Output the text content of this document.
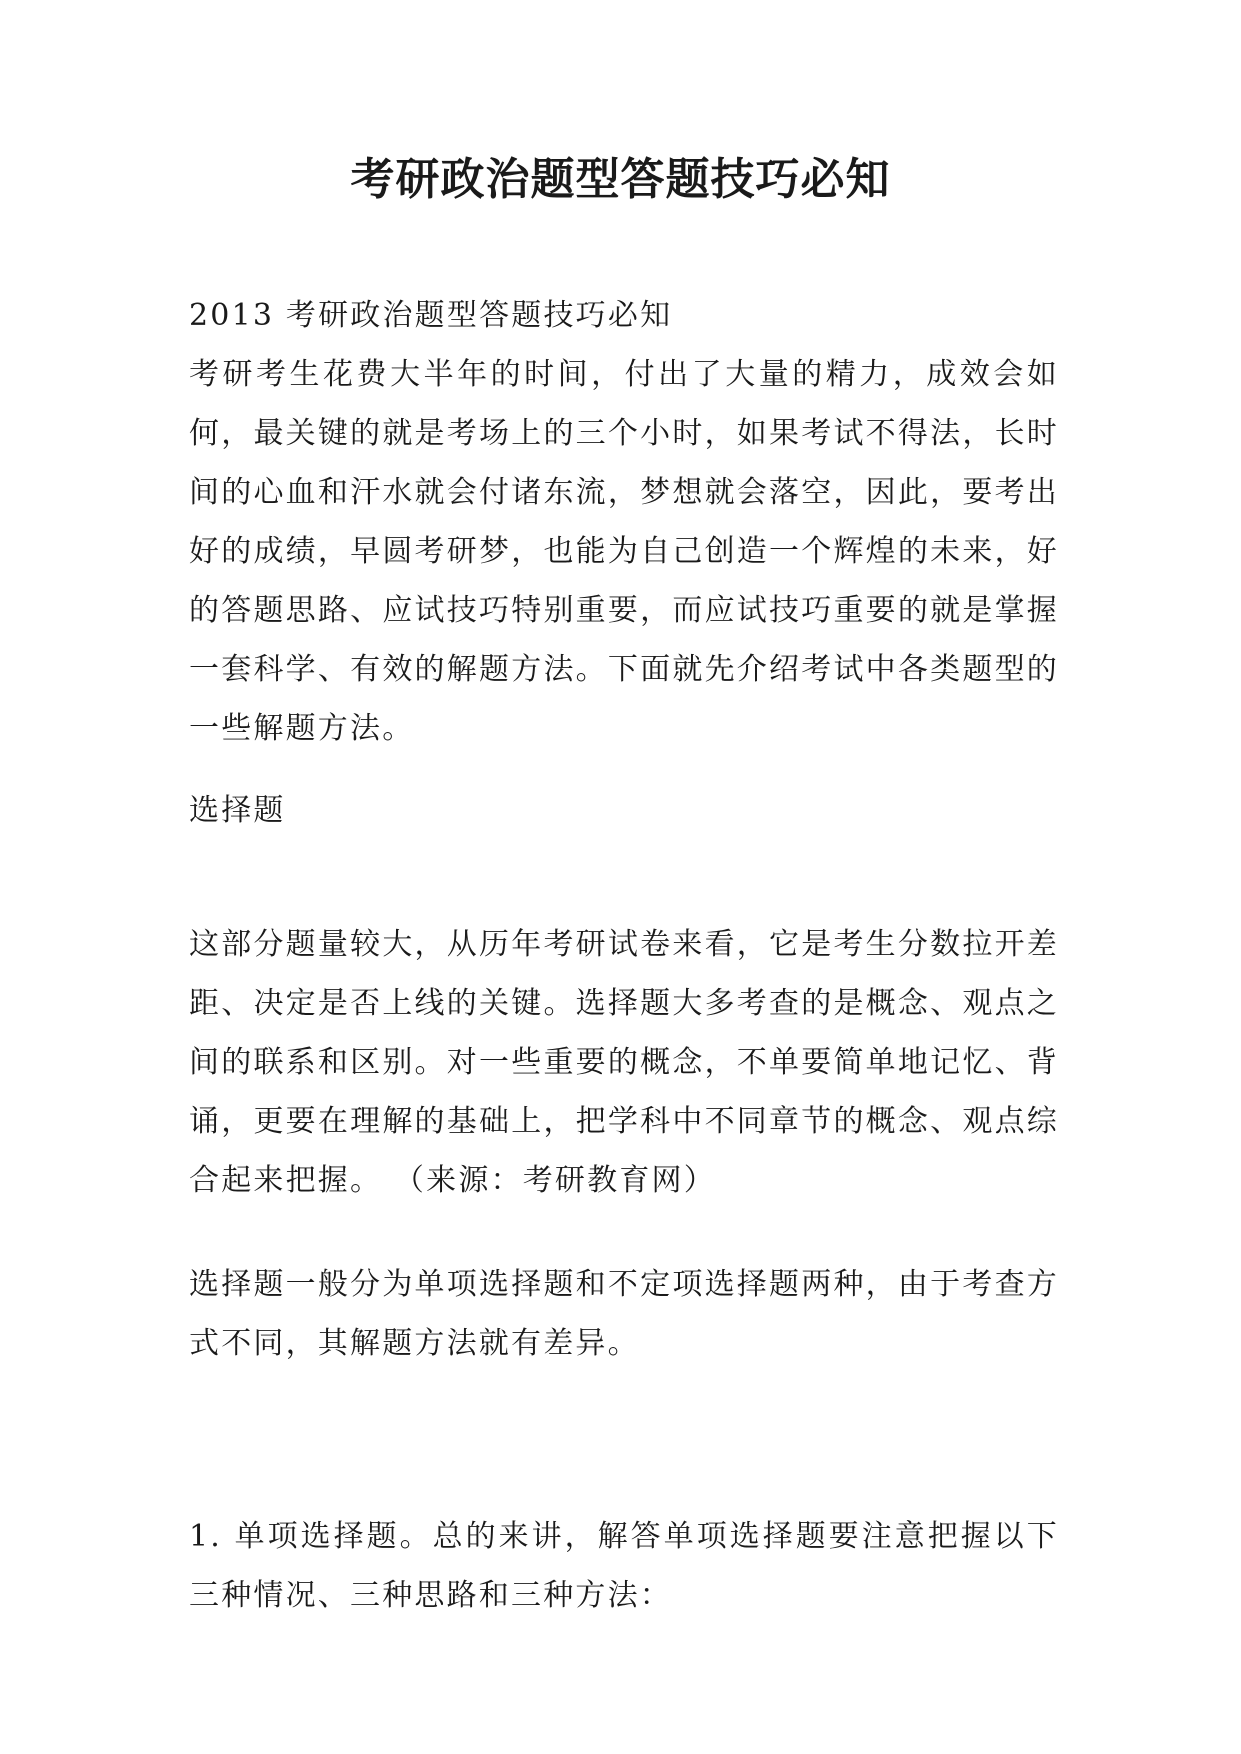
考研政治题型答题技巧必知

2013 考研政治题型答题技巧必知

考研考生花费大半年的时间，付出了大量的精力，成效会如何，最关键的就是考场上的三个小时，如果考试不得法，长时间的心血和汗水就会付诸东流，梦想就会落空，因此，要考出好的成绩，早圆考研梦，也能为自己创造一个辉煌的未来，好的答题思路、应试技巧特别重要，而应试技巧重要的就是掌握一套科学、有效的解题方法。下面就先介绍考试中各类题型的一些解题方法。

选择题

这部分题量较大，从历年考研试卷来看，它是考生分数拉开差距、决定是否上线的关键。选择题大多考查的是概念、观点之间的联系和区别。对一些重要的概念，不单要简单地记忆、背诵，更要在理解的基础上，把学科中不同章节的概念、观点综合起来把握。 （来源：考研教育网）

选择题一般分为单项选择题和不定项选择题两种，由于考查方式不同，其解题方法就有差异。

1. 单项选择题。总的来讲，解答单项选择题要注意把握以下三种情况、三种思路和三种方法：
